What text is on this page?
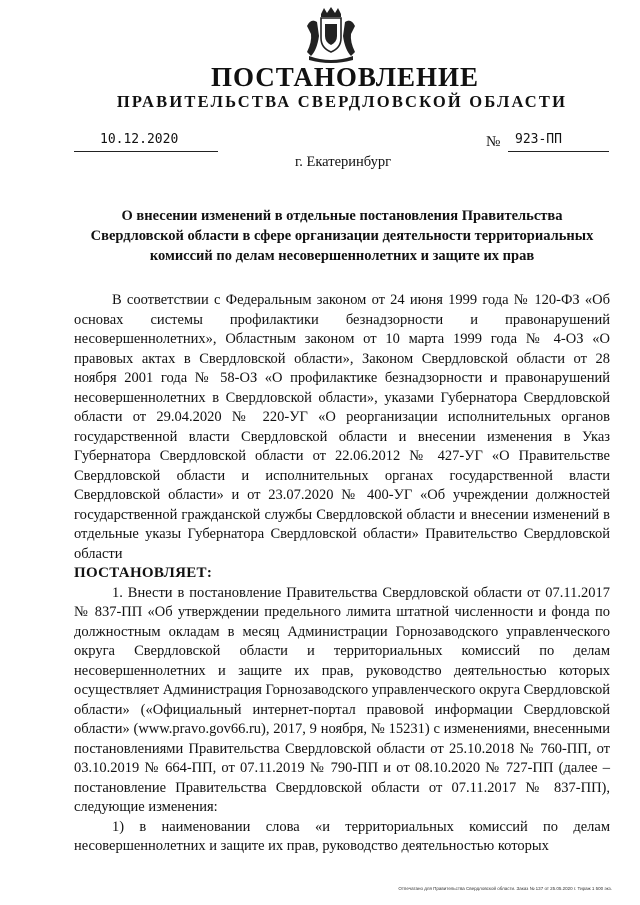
ПОСТАНОВЛЕНИЕ
ПРАВИТЕЛЬСТВА СВЕРДЛОВСКОЙ ОБЛАСТИ
10.12.2020	№ 923-ПП
г. Екатеринбург
О внесении изменений в отдельные постановления Правительства Свердловской области в сфере организации деятельности территориальных комиссий по делам несовершеннолетних и защите их прав

В соответствии с Федеральным законом от 24 июня 1999 года № 120-ФЗ «Об основах системы профилактики безнадзорности и правонарушений несовершеннолетних», Областным законом от 10 марта 1999 года № 4-ОЗ «О правовых актах в Свердловской области», Законом Свердловской области от 28 ноября 2001 года № 58-ОЗ «О профилактике безнадзорности и правонарушений несовершеннолетних в Свердловской области», указами Губернатора Свердловской области от 29.04.2020 № 220-УГ «О реорганизации исполнительных органов государственной власти Свердловской области и внесении изменения в Указ Губернатора Свердловской области от 22.06.2012 № 427-УГ «О Правительстве Свердловской области и исполнительных органах государственной власти Свердловской области» и от 23.07.2020 № 400-УГ «Об учреждении должностей государственной гражданской службы Свердловской области и внесении изменений в отдельные указы Губернатора Свердловской области» Правительство Свердловской области

ПОСТАНОВЛЯЕТ:

1. Внести в постановление Правительства Свердловской области от 07.11.2017 № 837-ПП «Об утверждении предельного лимита штатной численности и фонда по должностным окладам в месяц Администрации Горнозаводского управленческого округа Свердловской области и территориальных комиссий по делам несовершеннолетних и защите их прав, руководство деятельностью которых осуществляет Администрация Горнозаводского управленческого округа Свердловской области» («Официальный интернет-портал правовой информации Свердловской области» (www.pravo.gov66.ru), 2017, 9 ноября, № 15231) с изменениями, внесенными постановлениями Правительства Свердловской области от 25.10.2018 № 760-ПП, от 03.10.2019 № 664-ПП, от 07.11.2019 № 790-ПП и от 08.10.2020 № 727-ПП (далее – постановление Правительства Свердловской области от 07.11.2017 № 837-ПП), следующие изменения:

1) в наименовании слова «и территориальных комиссий по делам несовершеннолетних и защите их прав, руководство деятельностью которых

Отпечатано для Правительства Свердловской области. Заказ № 137 от 25.05.2020 г. Тираж 1 500 экз.
